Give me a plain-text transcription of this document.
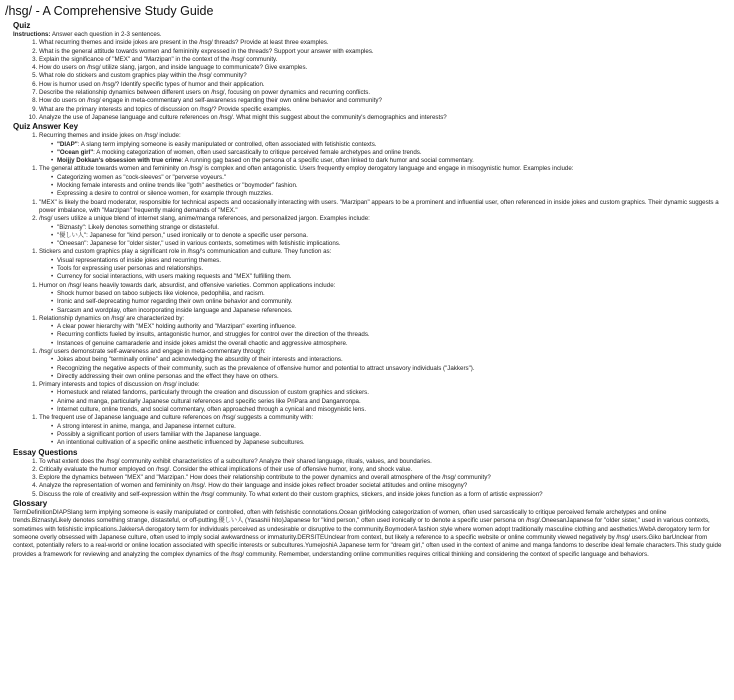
/hsg/ - A Comprehensive Study Guide
Quiz

Instructions: Answer each question in 2-3 sentences.

1. What recurring themes and inside jokes are present in the /hsg/ threads? Provide at least three examples.
2. What is the general attitude towards women and femininity expressed in the threads? Support your answer with examples.
3. Explain the significance of "MEX" and "Marzipan" in the context of the /hsg/ community.
4. How do users on /hsg/ utilize slang, jargon, and inside language to communicate? Give examples.
5. What role do stickers and custom graphics play within the /hsg/ community?
6. How is humor used on /hsg/? Identify specific types of humor and their application.
7. Describe the relationship dynamics between different users on /hsg/, focusing on power dynamics and recurring conflicts.
8. How do users on /hsg/ engage in meta-commentary and self-awareness regarding their own online behavior and community?
9. What are the primary interests and topics of discussion on /hsg/? Provide specific examples.
10. Analyze the use of Japanese language and culture references on /hsg/. What might this suggest about the community's demographics and interests?
Quiz Answer Key
1. Recurring themes and inside jokes on /hsg/ include:
• "DIAP": A slang term implying someone is easily manipulated or controlled, often associated with fetishistic contexts.
• "Ocean girl": A mocking categorization of women, often used sarcastically to critique perceived female archetypes and online trends.
• Moijjy Dokkan's obsession with true crime: A running gag based on the persona of a specific user, often linked to dark humor and social commentary.
1. The general attitude towards women and femininity on /hsg/ is complex and often antagonistic. Users frequently employ derogatory language and engage in misogynistic humor. Examples include:
• Categorizing women as "cock-sleeves" or "perverse voyeurs."
• Mocking female interests and online trends like "goth" aesthetics or "boymoder" fashion.
• Expressing a desire to control or silence women, for example through muzzles.
1. "MEX" is likely the board moderator, responsible for technical aspects and occasionally interacting with users. "Marzipan" appears to be a prominent and influential user, often referenced in inside jokes and custom graphics. Their dynamic suggests a power imbalance, with "Marzipan" frequently making demands of "MEX."
2. /hsg/ users utilize a unique blend of internet slang, anime/manga references, and personalized jargon. Examples include:
• "Biznasty": Likely denotes something strange or distasteful.
• "優しい人": Japanese for "kind person," used ironically or to denote a specific user persona.
• "Oneesan": Japanese for "older sister," used in various contexts, sometimes with fetishistic implications.
1. Stickers and custom graphics play a significant role in /hsg/'s communication and culture. They function as:
• Visual representations of inside jokes and recurring themes.
• Tools for expressing user personas and relationships.
• Currency for social interactions, with users making requests and "MEX" fulfilling them.
1. Humor on /hsg/ leans heavily towards dark, absurdist, and offensive varieties. Common applications include:
• Shock humor based on taboo subjects like violence, pedophilia, and racism.
• Ironic and self-deprecating humor regarding their own online behavior and community.
• Sarcasm and wordplay, often incorporating inside language and Japanese references.
1. Relationship dynamics on /hsg/ are characterized by:
• A clear power hierarchy with "MEX" holding authority and "Marzipan" exerting influence.
• Recurring conflicts fueled by insults, antagonistic humor, and struggles for control over the direction of the threads.
• Instances of genuine camaraderie and inside jokes amidst the overall chaotic and aggressive atmosphere.
1. /hsg/ users demonstrate self-awareness and engage in meta-commentary through:
• Jokes about being "terminally online" and acknowledging the absurdity of their interests and interactions.
• Recognizing the negative aspects of their community, such as the prevalence of offensive humor and potential to attract unsavory individuals ("Jakkers").
• Directly addressing their own online personas and the effect they have on others.
1. Primary interests and topics of discussion on /hsg/ include:
• Homestuck and related fandoms, particularly through the creation and discussion of custom graphics and stickers.
• Anime and manga, particularly Japanese cultural references and specific series like PriPara and Danganronpa.
• Internet culture, online trends, and social commentary, often approached through a cynical and misogynistic lens.
1. The frequent use of Japanese language and culture references on /hsg/ suggests a community with:
• A strong interest in anime, manga, and Japanese internet culture.
• Possibly a significant portion of users familiar with the Japanese language.
• An intentional cultivation of a specific online aesthetic influenced by Japanese subcultures.
Essay Questions
1. To what extent does the /hsg/ community exhibit characteristics of a subculture? Analyze their shared language, rituals, values, and boundaries.
2. Critically evaluate the humor employed on /hsg/. Consider the ethical implications of their use of offensive humor, irony, and shock value.
3. Explore the dynamics between "MEX" and "Marzipan." How does their relationship contribute to the power dynamics and overall atmosphere of the /hsg/ community?
4. Analyze the representation of women and femininity on /hsg/. How do their language and inside jokes reflect broader societal attitudes and online misogyny?
5. Discuss the role of creativity and self-expression within the /hsg/ community. To what extent do their custom graphics, stickers, and inside jokes function as a form of artistic expression?
Glossary

TermDefinitionDIAPSlang term implying someone is easily manipulated or controlled, often with fetishistic connotations.Ocean girlMocking categorization of women, often used sarcastically to critique perceived female archetypes and online trends.BiznastyLikely denotes something strange, distasteful, or off-putting.優しい人 (Yasashii hito)Japanese for "kind person," often used ironically or to denote a specific user persona on /hsg/.OneesanJapanese for "older sister," used in various contexts, sometimes with fetishistic implications.JakkersA derogatory term for individuals perceived as undesirable or disruptive to the community.BoymoderA fashion style where women adopt traditionally masculine clothing and aesthetics.WebA derogatory term for someone overly obsessed with Japanese culture, often used to imply social awkwardness or immaturity.DERSITEUnclear from context, but likely a reference to a specific website or online community viewed negatively by /hsg/ users.Giko barUnclear from context, potentially refers to a real-world or online location associated with specific interests or subcultures.YumejoshiA Japanese term for "dream girl," often used in the context of anime and manga fandoms to describe ideal female characters.This study guide provides a framework for reviewing and analyzing the complex dynamics of the /hsg/ community. Remember, understanding online communities requires critical thinking and considering the context of specific language and behaviors.
